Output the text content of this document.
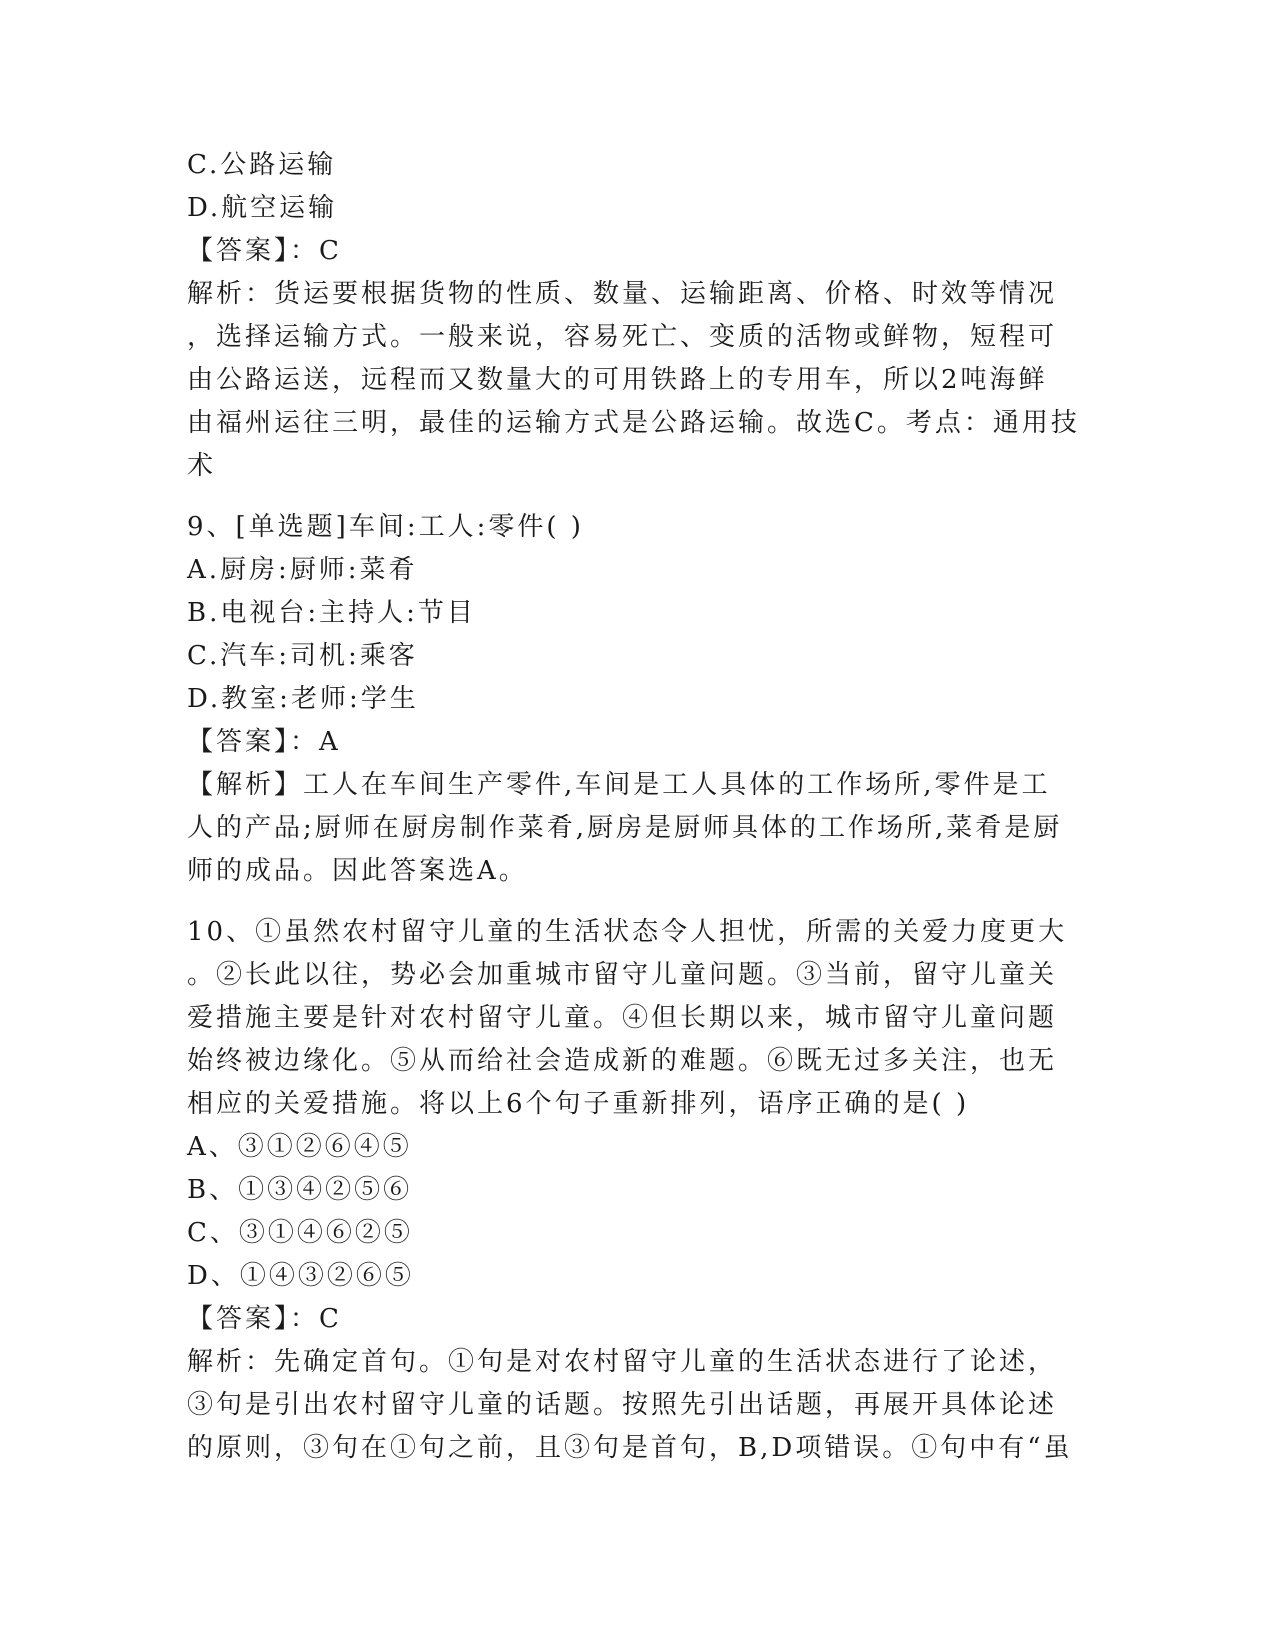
C.公路运输
D.航空运输
【答案】：C
解析：货运要根据货物的性质、数量、运输距离、价格、时效等情况
，选择运输方式。一般来说，容易死亡、变质的活物或鲜物，短程可
由公路运送，远程而又数量大的可用铁路上的专用车，所以2吨海鲜
由福州运往三明，最佳的运输方式是公路运输。故选C。考点：通用技
术
9、[单选题]车间:工人:零件( )
A.厨房:厨师:菜肴
B.电视台:主持人:节目
C.汽车:司机:乘客
D.教室:老师:学生
【答案】：A
【解析】工人在车间生产零件,车间是工人具体的工作场所,零件是工
人的产品;厨师在厨房制作菜肴,厨房是厨师具体的工作场所,菜肴是厨
师的成品。因此答案选A。
10、①虽然农村留守儿童的生活状态令人担忧，所需的关爱力度更大
。②长此以往，势必会加重城市留守儿童问题。③当前，留守儿童关
爱措施主要是针对农村留守儿童。④但长期以来，城市留守儿童问题
始终被边缘化。⑤从而给社会造成新的难题。⑥既无过多关注，也无
相应的关爱措施。将以上6个句子重新排列，语序正确的是( )
A、③①②⑥④⑤
B、①③④②⑤⑥
C、③①④⑥②⑤
D、①④③②⑥⑤
【答案】：C
解析：先确定首句。①句是对农村留守儿童的生活状态进行了论述，
③句是引出农村留守儿童的话题。按照先引出话题，再展开具体论述
的原则，③句在①句之前，且③句是首句，B,D项错误。①句中有“虽
